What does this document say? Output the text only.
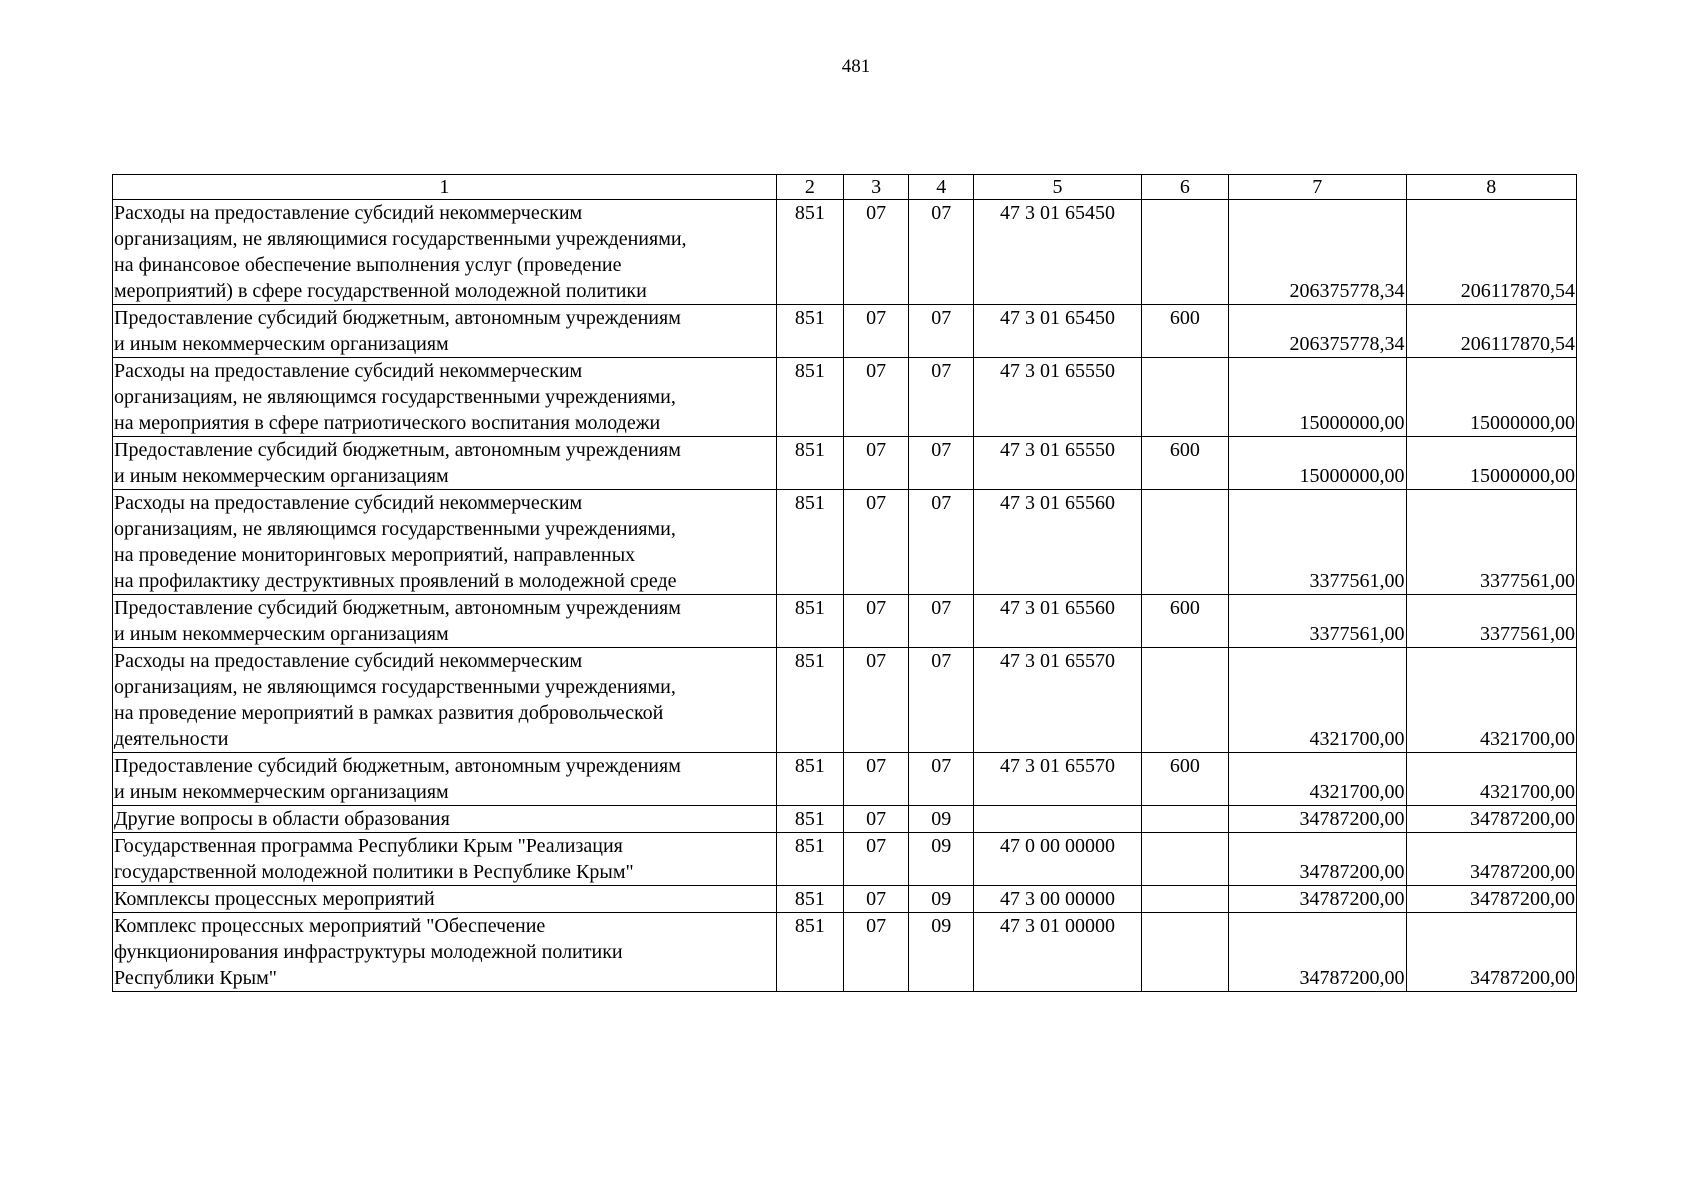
481
1	2	3	4	5	6	7	8
Расходы на предоставление субсидий некоммерческим
организациям, не являющимися государственными учреждениями,
на финансовое обеспечение выполнения услуг (проведение
мероприятий) в сфере государственной молодежной политики	851	07	07	47 3 01 65450		206375778,34	206117870,54
Предоставление субсидий бюджетным, автономным учреждениям
и иным некоммерческим организациям	851	07	07	47 3 01 65450	600	206375778,34	206117870,54
Расходы на предоставление субсидий некоммерческим
организациям, не являющимся государственными учреждениями,
на мероприятия в сфере патриотического воспитания молодежи	851	07	07	47 3 01 65550		15000000,00	15000000,00
Предоставление субсидий бюджетным, автономным учреждениям
и иным некоммерческим организациям	851	07	07	47 3 01 65550	600	15000000,00	15000000,00
Расходы на предоставление субсидий некоммерческим
организациям, не являющимся государственными учреждениями,
на проведение мониторинговых мероприятий, направленных
на профилактику деструктивных проявлений в молодежной среде	851	07	07	47 3 01 65560		3377561,00	3377561,00
Предоставление субсидий бюджетным, автономным учреждениям
и иным некоммерческим организациям	851	07	07	47 3 01 65560	600	3377561,00	3377561,00
Расходы на предоставление субсидий некоммерческим
организациям, не являющимся государственными учреждениями,
на проведение мероприятий в рамках развития добровольческой
деятельности	851	07	07	47 3 01 65570		4321700,00	4321700,00
Предоставление субсидий бюджетным, автономным учреждениям
и иным некоммерческим организациям	851	07	07	47 3 01 65570	600	4321700,00	4321700,00
Другие вопросы в области образования	851	07	09			34787200,00	34787200,00
Государственная программа Республики Крым "Реализация
государственной молодежной политики в Республике Крым"	851	07	09	47 0 00 00000		34787200,00	34787200,00
Комплексы процессных мероприятий	851	07	09	47 3 00 00000		34787200,00	34787200,00
Комплекс процессных мероприятий "Обеспечение
функционирования инфраструктуры молодежной политики
Республики Крым"	851	07	09	47 3 01 00000		34787200,00	34787200,00
